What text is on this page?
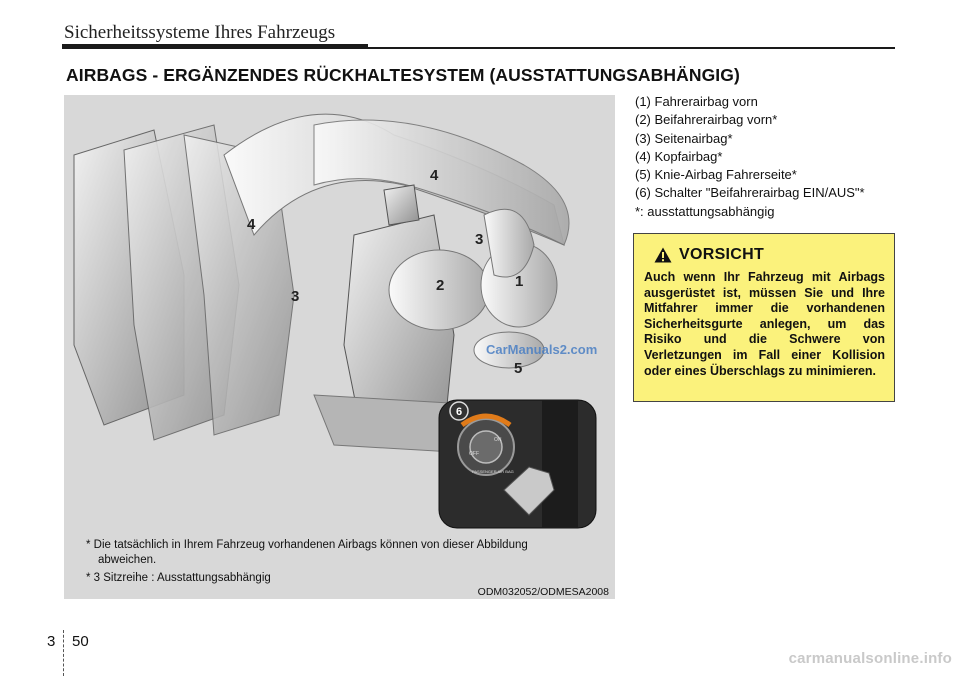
Sicherheitssysteme Ihres Fahrzeugs
AIRBAGS - ERGÄNZENDES RÜCKHALTESYSTEM (AUSSTATTUNGSABHÄNGIG)
6
OFF
ON
PASSENGER AIR BAG
4
4
3
3
2	1
5
CarManuals2.com
* Die tatsächlich in Ihrem Fahrzeug vorhandenen Airbags können von dieser Abbildung
abweichen.
* 3 Sitzreihe : Ausstattungsabhängig
ODM032052/ODMESA2008
(1) Fahrerairbag vorn
(2) Beifahrerairbag vorn*
(3) Seitenairbag*
(4) Kopfairbag*
(5) Knie-Airbag Fahrerseite*
(6) Schalter "Beifahrerairbag EIN/AUS"*
*: ausstattungsabhängig
VORSICHT
Auch wenn Ihr Fahrzeug mit Airbags ausgerüstet ist, müssen Sie und Ihre Mitfahrer immer die vorhandenen Sicherheitsgurte anlegen, um das Risiko und die Schwere von Verletzungen im Fall einer Kollision oder eines Überschlags zu minimieren.
3 50
carmanualsonline.info
